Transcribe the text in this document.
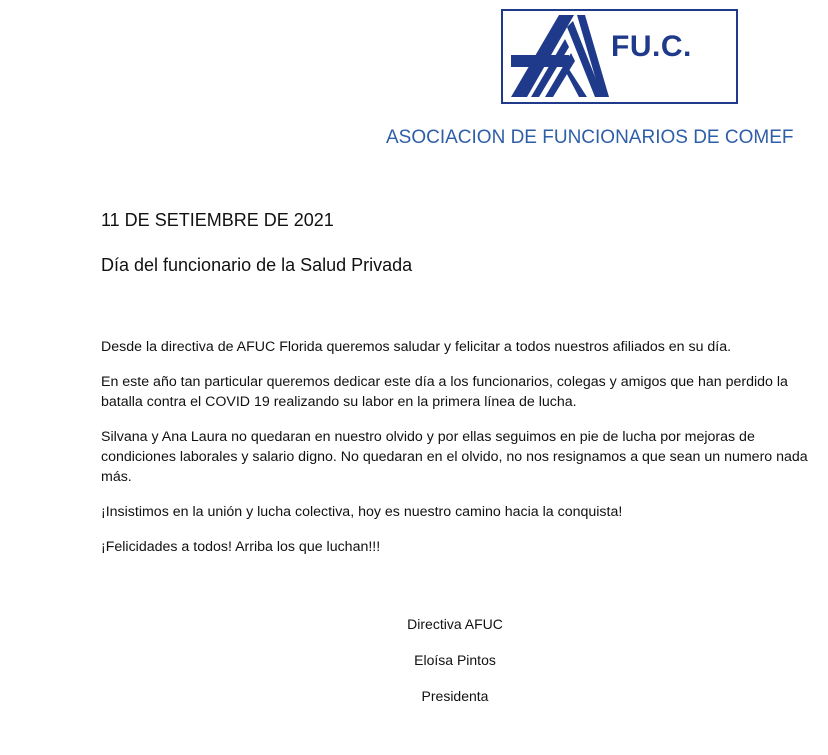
FU.C.
ASOCIACION DE FUNCIONARIOS DE COMEF
11 DE SETIEMBRE DE 2021
Día del funcionario de la Salud Privada

Desde la directiva de AFUC Florida queremos saludar y felicitar a todos nuestros afiliados en su día.

En este año tan particular queremos dedicar este día a los funcionarios, colegas y amigos que han perdido la batalla contra el COVID 19 realizando su labor en la primera línea de lucha.

Silvana y Ana Laura no quedaran en nuestro olvido y por ellas seguimos en pie de lucha por mejoras de condiciones laborales y salario digno. No quedaran en el olvido, no nos resignamos a que sean un numero nada más.

¡Insistimos en la unión y lucha colectiva, hoy es nuestro camino hacia la conquista!

¡Felicidades a todos! Arriba los que luchan!!!

Directiva AFUC
Eloísa Pintos
Presidenta
